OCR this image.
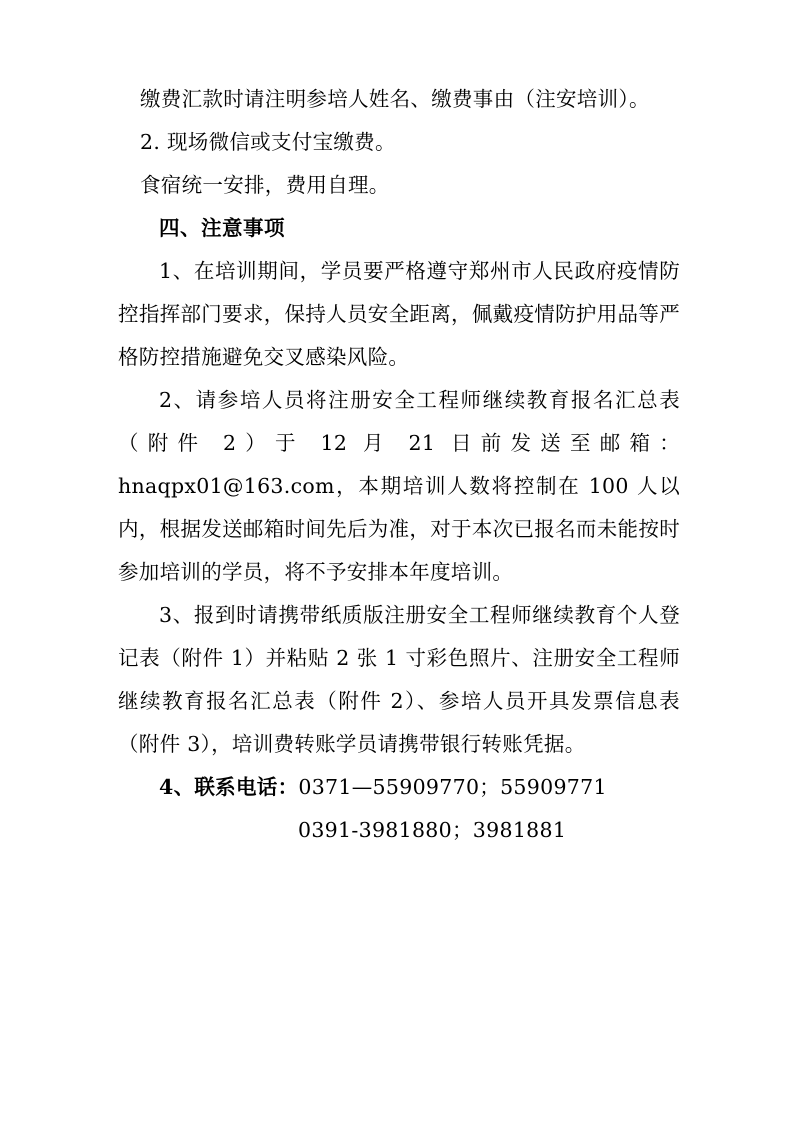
缴费汇款时请注明参培人姓名、缴费事由（注安培训）。

2. 现场微信或支付宝缴费。

食宿统一安排，费用自理。

四、注意事项

1、在培训期间，学员要严格遵守郑州市人民政府疫情防控指挥部门要求，保持人员安全距离，佩戴疫情防护用品等严格防控措施避免交叉感染风险。

2、请参培人员将注册安全工程师继续教育报名汇总表（附件 2）于 12 月 21 日前发送至邮箱：hnaqpx01@163.com，本期培训人数将控制在 100 人以内，根据发送邮箱时间先后为准，对于本次已报名而未能按时参加培训的学员，将不予安排本年度培训。

3、报到时请携带纸质版注册安全工程师继续教育个人登记表（附件 1）并粘贴 2 张 1 寸彩色照片、注册安全工程师继续教育报名汇总表（附件 2）、参培人员开具发票信息表（附件 3），培训费转账学员请携带银行转账凭据。

4、联系电话：0371—55909770；55909771

0391-3981880；3981881
